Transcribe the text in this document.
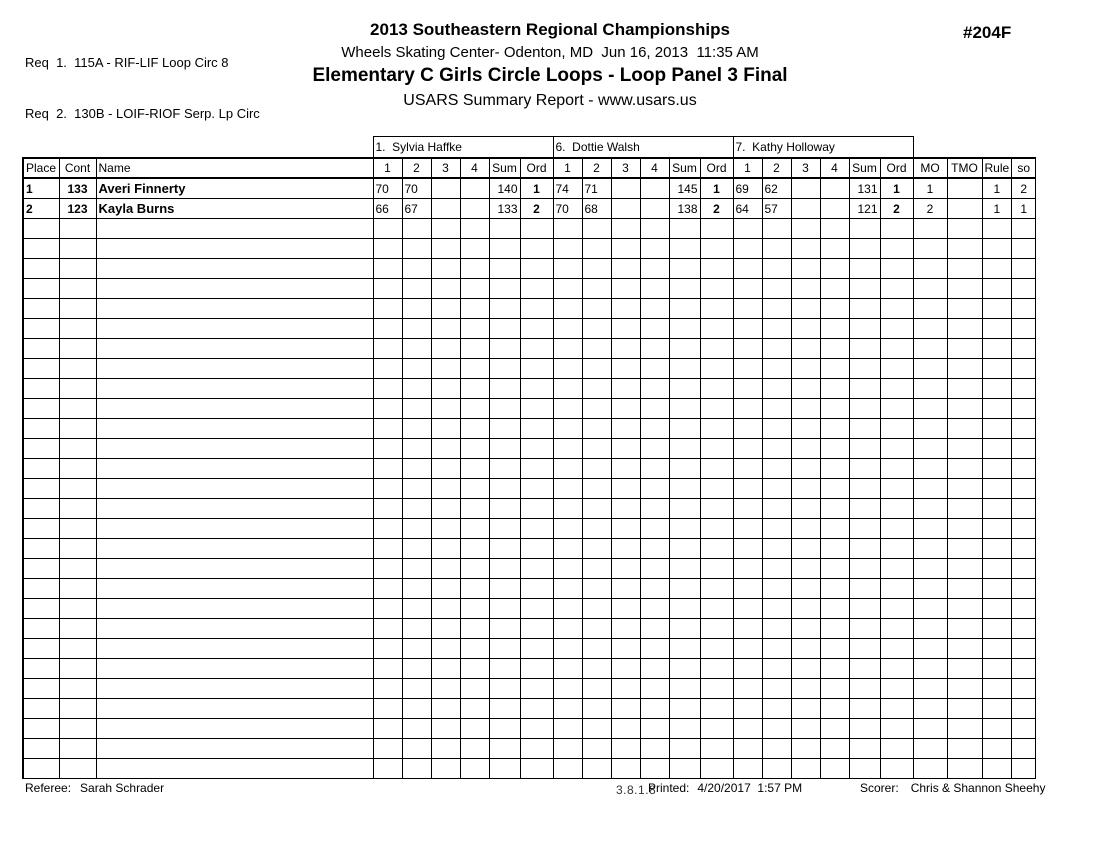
Req  1.  115A - RIF-LIF Loop Circ 8

Req  2.  130B - LOIF-RIOF Serp. Lp Circ

2013 Southeastern Regional Championships
Wheels Skating Center- Odenton, MD  Jun 16, 2013  11:35 AM
Elementary C Girls Circle Loops - Loop Panel 3 Final
USARS Summary Report - www.usars.us
#204F
			1.  Sylvia Haffke						6.  Dottie Walsh						7.  Kathy Holloway									
Place	Cont	Name	1	2	3	4	Sum	Ord	1	2	3	4	Sum	Ord	1	2	3	4	Sum	Ord	MO	TMO	Rule	so
1	133	Averi Finnerty	70	70			140	1	74	71			145	1	69	62			131	1	1		1	2
2	123	Kayla Burns	66	67			133	2	70	68			138	2	64	57			121	2	2		1	1

Referee: Sarah Schrader	3.8.1.8
Printed: 4/20/2017  1:57 PM	Scorer: Chris & Shannon Sheehy
